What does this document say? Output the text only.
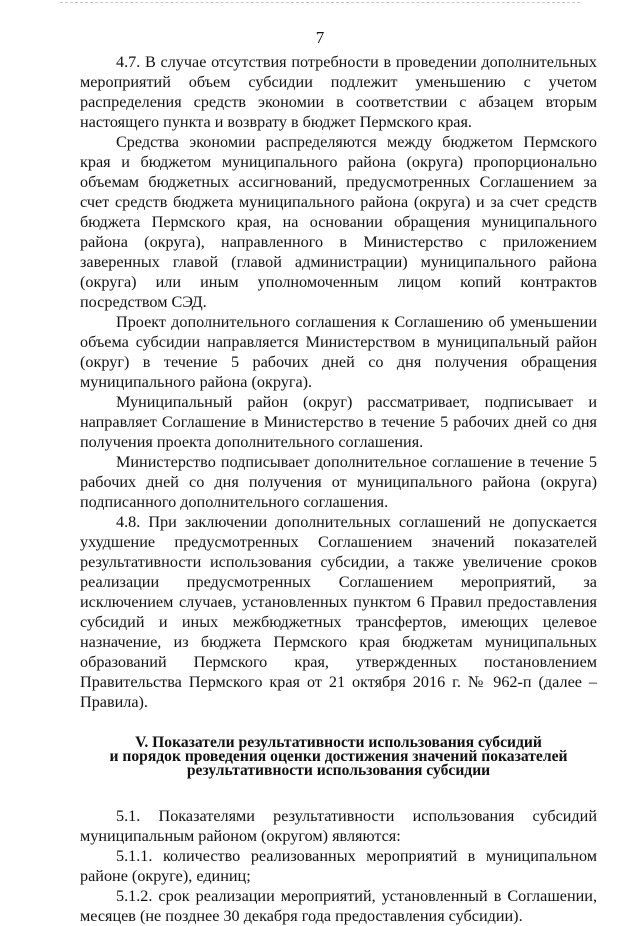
7

4.7. В случае отсутствия потребности в проведении дополнительных мероприятий объем субсидии подлежит уменьшению с учетом распределения средств экономии в соответствии с абзацем вторым настоящего пункта и возврату в бюджет Пермского края.

Средства экономии распределяются между бюджетом Пермского края и бюджетом муниципального района (округа) пропорционально объемам бюджетных ассигнований, предусмотренных Соглашением за счет средств бюджета муниципального района (округа) и за счет средств бюджета Пермского края, на основании обращения муниципального района (округа), направленного в Министерство с приложением заверенных главой (главой администрации) муниципального района (округа) или иным уполномоченным лицом копий контрактов посредством СЭД.

Проект дополнительного соглашения к Соглашению об уменьшении объема субсидии направляется Министерством в муниципальный район (округ) в течение 5 рабочих дней со дня получения обращения муниципального района (округа).

Муниципальный район (округ) рассматривает, подписывает и направляет Соглашение в Министерство в течение 5 рабочих дней со дня получения проекта дополнительного соглашения.

Министерство подписывает дополнительное соглашение в течение 5 рабочих дней со дня получения от муниципального района (округа) подписанного дополнительного соглашения.

4.8. При заключении дополнительных соглашений не допускается ухудшение предусмотренных Соглашением значений показателей результативности использования субсидии, а также увеличение сроков реализации предусмотренных Соглашением мероприятий, за исключением случаев, установленных пунктом 6 Правил предоставления субсидий и иных межбюджетных трансфертов, имеющих целевое назначение, из бюджета Пермского края бюджетам муниципальных образований Пермского края, утвержденных постановлением Правительства Пермского края от 21 октября 2016 г. № 962-п (далее – Правила).

V. Показатели результативности использования субсидий
и порядок проведения оценки достижения значений показателей
результативности использования субсидии

5.1. Показателями результативности использования субсидий муниципальным районом (округом) являются:

5.1.1. количество реализованных мероприятий в муниципальном районе (округе), единиц;

5.1.2. срок реализации мероприятий, установленный в Соглашении, месяцев (не позднее 30 декабря года предоставления субсидии).
